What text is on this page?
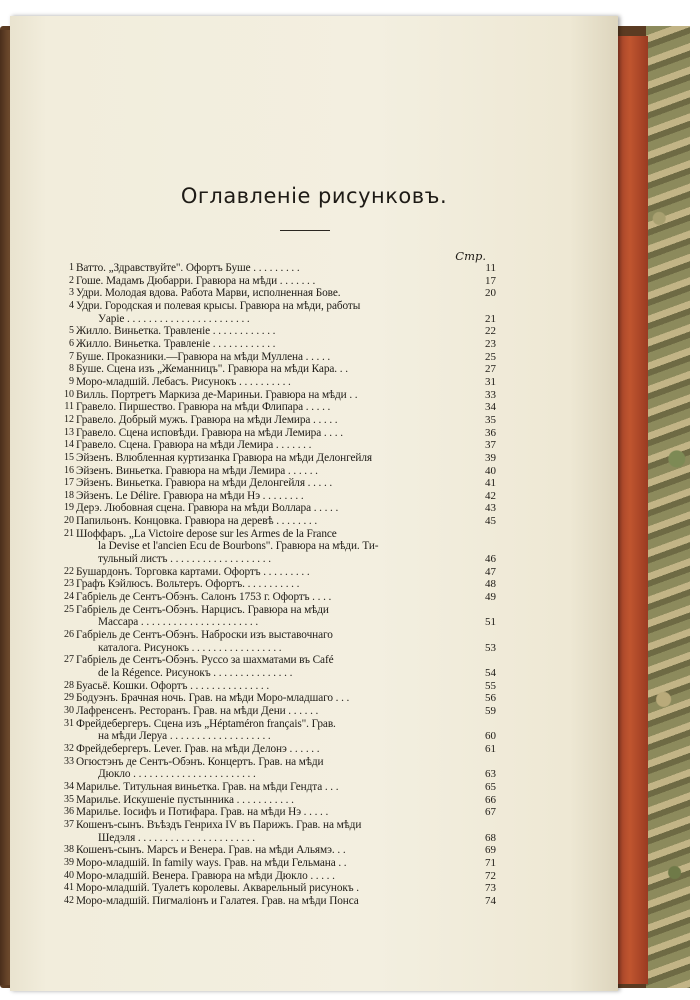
Оглавленіе рисунковъ.
Стр.
1 Ватто. „Здравствуйте". Офортъ Буше . . . . . . . . .	11
2 Гоше. Мадамъ Дюбарри. Гравюра на мѣди . . . . . . .	17
3 Удри. Молодая вдова. Работа Марви, исполненная Бове.	20
4 Удри. Городская и полевая крысы. Гравюра на мѣди, работы
Уарiе . . . . . . . . . . . . . . . . . . . . . . .	21
5 Жилло. Виньетка. Травленiе . . . . . . . . . . . .	22
6 Жилло. Виньетка. Травленiе . . . . . . . . . . . .	23
7 Буше. Проказники.—Гравюра на мѣди Муллена . . . . .	25
8 Буше. Сцена изъ „Жеманницъ". Гравюра на мѣди Кара. . .	27
9 Моро-младшiй. Лебасъ. Рисунокъ . . . . . . . . . .	31
10 Вилль. Портретъ Маркиза де-Мариньи. Гравюра на мѣди . .	33
11 Гравело. Пиршество. Гравюра на мѣди Флипара . . . . .	34
12 Гравело. Добрый мужъ. Гравюра на мѣди Лемира . . . . .	35
13 Гравело. Сцена исповѣди. Гравюра на мѣди Лемира . . . .	36
14 Гравело. Сцена. Гравюра на мѣди Лемира . . . . . . .	37
15 Эйзенъ. Влюбленная куртизанка Гравюра на мѣди Делонгейля	39
16 Эйзенъ. Виньетка. Гравюра на мѣди Лемира . . . . . .	40
17 Эйзенъ. Виньетка. Гравюра на мѣди Делонгейля . . . . .	41
18 Эйзенъ. Le Délire. Гравюра на мѣди Нэ . . . . . . . .	42
19 Дерэ. Любовная сцена. Гравюра на мѣди Воллара . . . . .	43
20 Папильонъ. Концовка. Гравюра на деревѣ . . . . . . . .	45
21 Шоффаръ. „La Victoire depose sur les Armes de la France
la Devise et l'ancien Ecu de Bourbons". Гравюра на мѣди. Ти-
тульный листъ . . . . . . . . . . . . . . . . . . .	46
22 Бушардонъ. Торговка картами. Офортъ . . . . . . . . .	47
23 Графъ Кэйлюсъ. Вольтеръ. Офортъ. . . . . . . . . . .	48
24 Габрiель де Сентъ-Обэнъ. Салонъ 1753 г. Офортъ . . . .	49
25 Габрiель де Сентъ-Обэнъ. Нарцисъ. Гравюра на мѣди
Массара . . . . . . . . . . . . . . . . . . . . . .	51
26 Габрiель де Сентъ-Обэнъ. Наброски изъ выставочнаго
каталога. Рисунокъ . . . . . . . . . . . . . . . . .	53
27 Габрiель де Сентъ-Обэнъ. Руссо за шахматами въ Café
de la Régence. Рисунокъ . . . . . . . . . . . . . . .	54
28 Буасьё. Кошки. Офортъ . . . . . . . . . . . . . . .	55
29 Бодуэнъ. Брачная ночь. Грав. на мѣди Моро-младшаго . . .	56
30 Лафренсенъ. Ресторанъ. Грав. на мѣди Дени . . . . . .	59
31 Фрейдебергеръ. Сцена изъ „Héptaméron français". Грав.
на мѣди Леруа . . . . . . . . . . . . . . . . . . .	60
32 Фрейдебергеръ. Lever. Грав. на мѣди Делонэ . . . . . .	61
33 Огюстэнъ де Сентъ-Обэнъ. Концертъ. Грав. на мѣди
Дюкло . . . . . . . . . . . . . . . . . . . . . . .	63
34 Марилье. Титульная виньетка. Грав. на мѣди Гендта . . .	65
35 Марилье. Искушенiе пустынника . . . . . . . . . . .	66
36 Марилье. Iосифъ и Потифара. Грав. на мѣди Нэ . . . . .	67
37 Кошенъ-сынъ. Въѣздъ Генриха IV въ Парижъ. Грав. на мѣди
Шедэля . . . . . . . . . . . . . . . . . . . . . .	68
38 Кошенъ-сынъ. Марсъ и Венера. Грав. на мѣди Альямэ. . .	69
39 Моро-младшiй. In family ways. Грав. на мѣди Гельмана . .	71
40 Моро-младшiй. Венера. Гравюра на мѣди Дюкло . . . . .	72
41 Моро-младшiй. Туалетъ королевы. Акварельный рисунокъ .	73
42 Моро-младшiй. Пигмалiонъ и Галатея. Грав. на мѣди Понса	74
